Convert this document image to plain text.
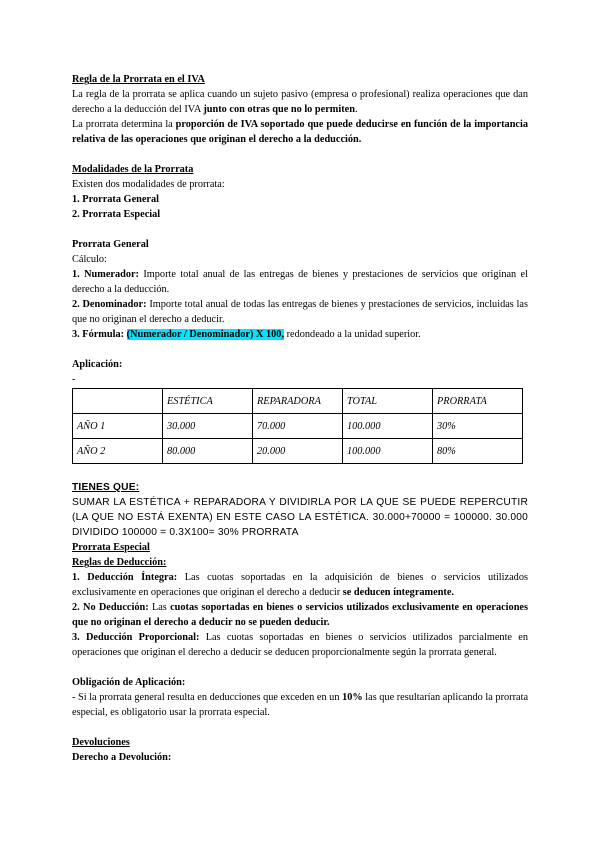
Regla de la Prorrata en el IVA

La regla de la prorrata se aplica cuando un sujeto pasivo (empresa o profesional) realiza operaciones que dan derecho a la deducción del IVA junto con otras que no lo permiten.

La prorrata determina la proporción de IVA soportado que puede deducirse en función de la importancia relativa de las operaciones que originan el derecho a la deducción.

Modalidades de la Prorrata

Existen dos modalidades de prorrata:

1. Prorrata General

2. Prorrata Especial

Prorrata General

Cálculo:

1. Numerador: Importe total anual de las entregas de bienes y prestaciones de servicios que originan el derecho a la deducción.

2. Denominador: Importe total anual de todas las entregas de bienes y prestaciones de servicios, incluidas las que no originan el derecho a deducir.

3. Fórmula: (Numerador / Denominador) X 100, redondeado a la unidad superior.

Aplicación:

-

	ESTÉTICA	REPARADORA	TOTAL	PRORRATA
AÑO 1	30.000	70.000	100.000	30%
AÑO 2	80.000	20.000	100.000	80%

TIENES QUE:

SUMAR LA ESTÉTICA + REPARADORA Y DIVIDIRLA POR LA QUE SE PUEDE REPERCUTIR (LA QUE NO ESTÁ EXENTA) EN ESTE CASO LA ESTÉTICA. 30.000+70000 = 100000. 30.000 DIVIDIDO 100000 = 0.3X100= 30% PRORRATA

Prorrata Especial

Reglas de Deducción:

1. Deducción Íntegra: Las cuotas soportadas en la adquisición de bienes o servicios utilizados exclusivamente en operaciones que originan el derecho a deducir se deducen íntegramente.

2. No Deducción: Las cuotas soportadas en bienes o servicios utilizados exclusivamente en operaciones que no originan el derecho a deducir no se pueden deducir.

3. Deducción Proporcional: Las cuotas soportadas en bienes o servicios utilizados parcialmente en operaciones que originan el derecho a deducir se deducen proporcionalmente según la prorrata general.

Obligación de Aplicación:

- Si la prorrata general resulta en deducciones que exceden en un 10% las que resultarían aplicando la prorrata especial, es obligatorio usar la prorrata especial.

Devoluciones

Derecho a Devolución:
